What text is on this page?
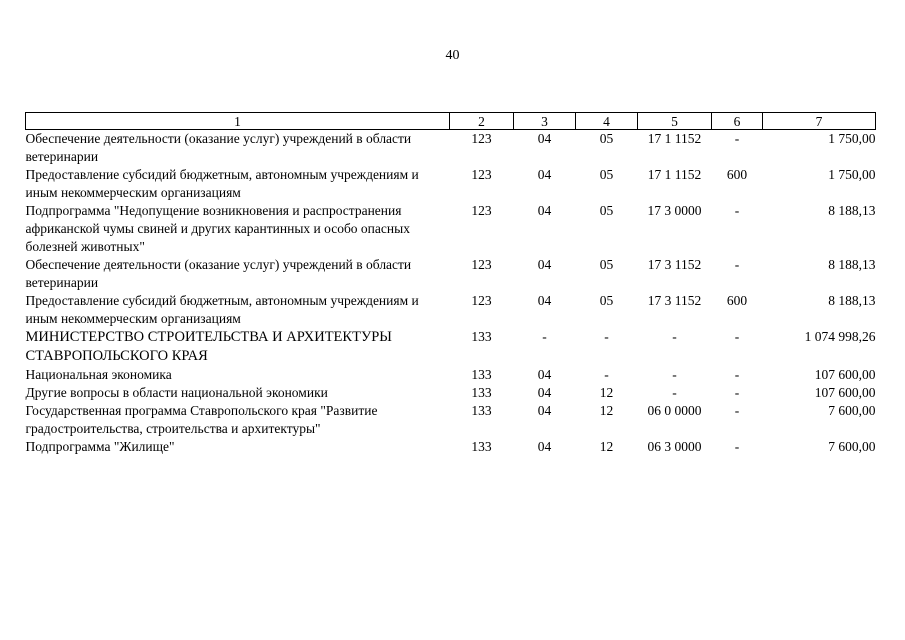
40
1	2	3	4	5	6	7
Обеспечение деятельности (оказание услуг) учреждений в области ветеринарии	123	04	05	17 1 1152	-	1 750,00
Предоставление субсидий бюджетным, автономным учреждениям и иным некоммерческим организациям	123	04	05	17 1 1152	600	1 750,00
Подпрограмма "Недопущение возникновения и распространения африканской чумы свиней и других карантинных и особо опасных болезней животных"	123	04	05	17 3 0000	-	8 188,13
Обеспечение деятельности (оказание услуг) учреждений в области ветеринарии	123	04	05	17 3 1152	-	8 188,13
Предоставление субсидий бюджетным, автономным учреждениям и иным некоммерческим организациям	123	04	05	17 3 1152	600	8 188,13
МИНИСТЕРСТВО СТРОИТЕЛЬСТВА И АРХИТЕКТУРЫ СТАВРОПОЛЬСКОГО КРАЯ	133	-	-	-	-	1 074 998,26
Национальная экономика	133	04	-	-	-	107 600,00
Другие вопросы в области национальной экономики	133	04	12	-	-	107 600,00
Государственная программа Ставропольского края "Развитие градостроительства, строительства и архитектуры"	133	04	12	06 0 0000	-	7 600,00
Подпрограмма "Жилище"	133	04	12	06 3 0000	-	7 600,00
